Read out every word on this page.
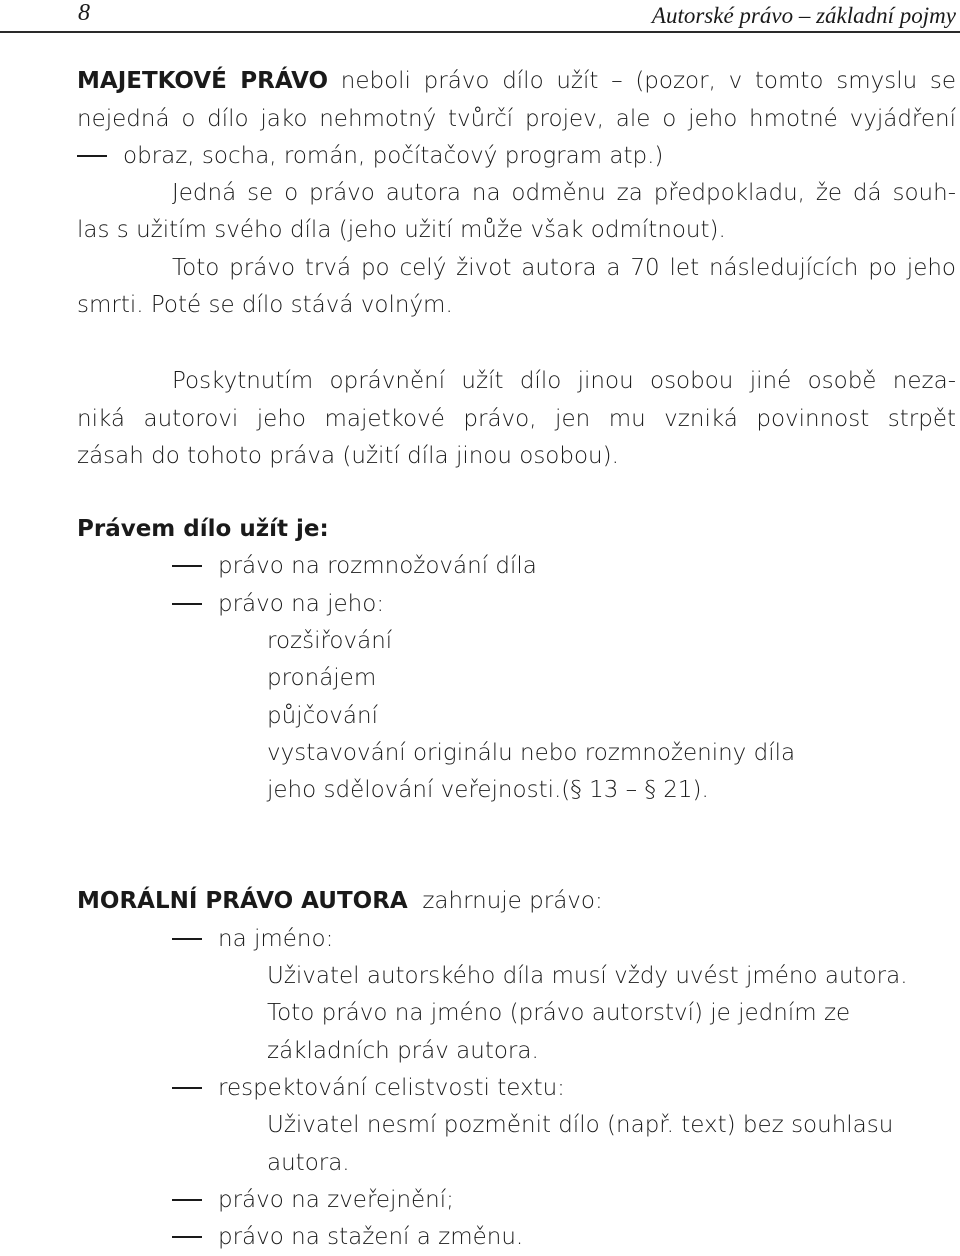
8	Autorské právo – základní pojmy
MAJETKOVÉ PRÁVO neboli právo dílo užít – (pozor, v tomto smyslu se
nejedná o dílo jako nehmotný tvůrčí projev, ale o jeho hmotné vyjádření
obraz, socha, román, počítačový program atp.)
Jedná se o právo autora na odměnu za předpokladu, že dá souh-
las s užitím svého díla (jeho užití může však odmítnout).
Toto právo trvá po celý život autora a 70 let následujících po jeho
smrti. Poté se dílo stává volným.
Poskytnutím oprávnění užít dílo jinou osobou jiné osobě neza-
niká autorovi jeho majetkové právo, jen mu vzniká povinnost strpět
zásah do tohoto práva (užití díla jinou osobou).
Právem dílo užít je:
právo na rozmnožování díla
právo na jeho:
rozšiřování
pronájem
půjčování
vystavování originálu nebo rozmnoženiny díla
jeho sdělování veřejnosti.(§ 13 – § 21).
MORÁLNÍ PRÁVO AUTORA zahrnuje právo:
na jméno:
Uživatel autorského díla musí vždy uvést jméno autora.
Toto právo na jméno (právo autorství) je jedním ze
základních práv autora.
respektování celistvosti textu:
Uživatel nesmí pozměnit dílo (např. text) bez souhlasu
autora.
právo na zveřejnění;
právo na stažení a změnu.
